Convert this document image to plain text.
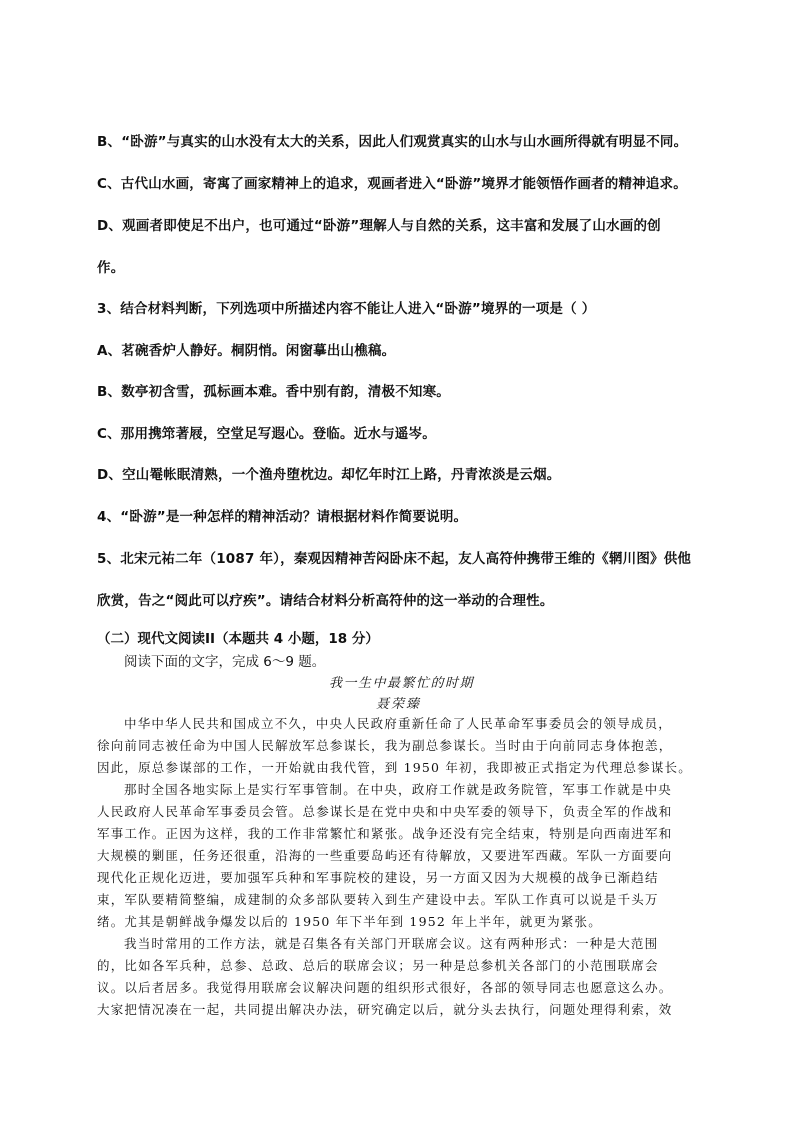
B、“卧游”与真实的山水没有太大的关系，因此人们观赏真实的山水与山水画所得就有明显不同。
C、古代山水画，寄寓了画家精神上的追求，观画者进入“卧游”境界才能领悟作画者的精神追求。
D、观画者即使足不出户，也可通过“卧游”理解人与自然的关系，这丰富和发展了山水画的创
作。
3、结合材料判断，下列选项中所描述内容不能让人进入“卧游”境界的一项是（ ）
A、茗碗香炉人静好。桐阴悄。闲窗摹出山樵稿。
B、数亭初含雪，孤标画本难。香中别有韵，清极不知寒。
C、那用携筇著屐，空堂足写遐心。登临。近水与遥岑。
D、空山罨帐眠清熟，一个渔舟堕枕边。却忆年时江上路，丹青浓淡是云烟。
4、“卧游”是一种怎样的精神活动？请根据材料作简要说明。
5、北宋元祐二年（1087 年），秦观因精神苦闷卧床不起，友人高符仲携带王维的《辋川图》供他
欣赏，告之“阅此可以疗疾”。请结合材料分析高符仲的这一举动的合理性。
（二）现代文阅读II（本题共 4 小题，18 分）
阅读下面的文字，完成 6～9 题。
我一生中最繁忙的时期
聂荣臻
中华中华人民共和国成立不久，中央人民政府重新任命了人民革命军事委员会的领导成员，
徐向前同志被任命为中国人民解放军总参谋长，我为副总参谋长。当时由于向前同志身体抱恙，
因此，原总参谋部的工作，一开始就由我代管，到 1950 年初，我即被正式指定为代理总参谋长。
那时全国各地实际上是实行军事管制。在中央，政府工作就是政务院管，军事工作就是中央
人民政府人民革命军事委员会管。总参谋长是在党中央和中央军委的领导下，负责全军的作战和
军事工作。正因为这样，我的工作非常繁忙和紧张。战争还没有完全结束，特别是向西南进军和
大规模的剿匪，任务还很重，沿海的一些重要岛屿还有待解放，又要进军西藏。军队一方面要向
现代化正规化迈进，要加强军兵种和军事院校的建设，另一方面又因为大规模的战争已渐趋结
束，军队要精简整编，成建制的众多部队要转入到生产建设中去。军队工作真可以说是千头万
绪。尤其是朝鲜战争爆发以后的 1950 年下半年到 1952 年上半年，就更为紧张。
我当时常用的工作方法，就是召集各有关部门开联席会议。这有两种形式：一种是大范围
的，比如各军兵种，总参、总政、总后的联席会议；另一种是总参机关各部门的小范围联席会
议。以后者居多。我觉得用联席会议解决问题的组织形式很好，各部的领导同志也愿意这么办。
大家把情况凑在一起，共同提出解决办法，研究确定以后，就分头去执行，问题处理得利索，效
